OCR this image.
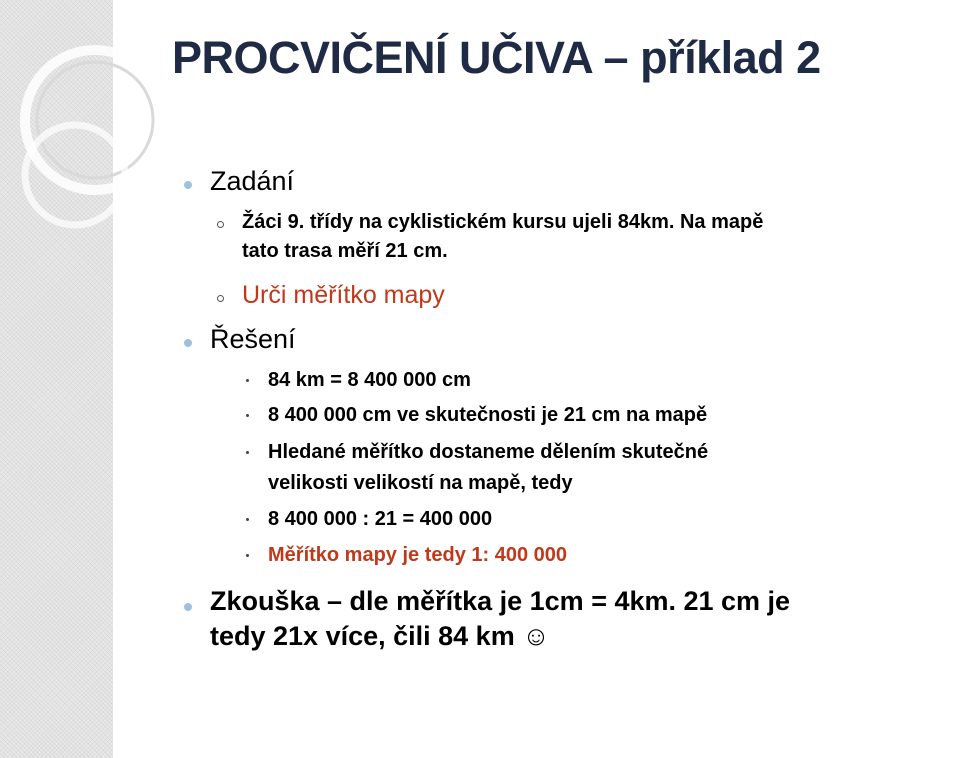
PROCVIČENÍ UČIVA – příklad 2
Zadání
Žáci 9. třídy na cyklistickém kursu ujeli 84km. Na mapě
tato trasa měří 21 cm.
Urči měřítko mapy
Řešení
84 km = 8 400 000 cm
8 400 000 cm ve skutečnosti je 21 cm na mapě
Hledané měřítko dostaneme dělením skutečné
velikosti velikostí na mapě, tedy
8 400 000 : 21 = 400 000
Měřítko mapy je tedy 1: 400 000
Zkouška – dle měřítka je 1cm = 4km. 21 cm je
tedy 21x více, čili 84 km ☺
